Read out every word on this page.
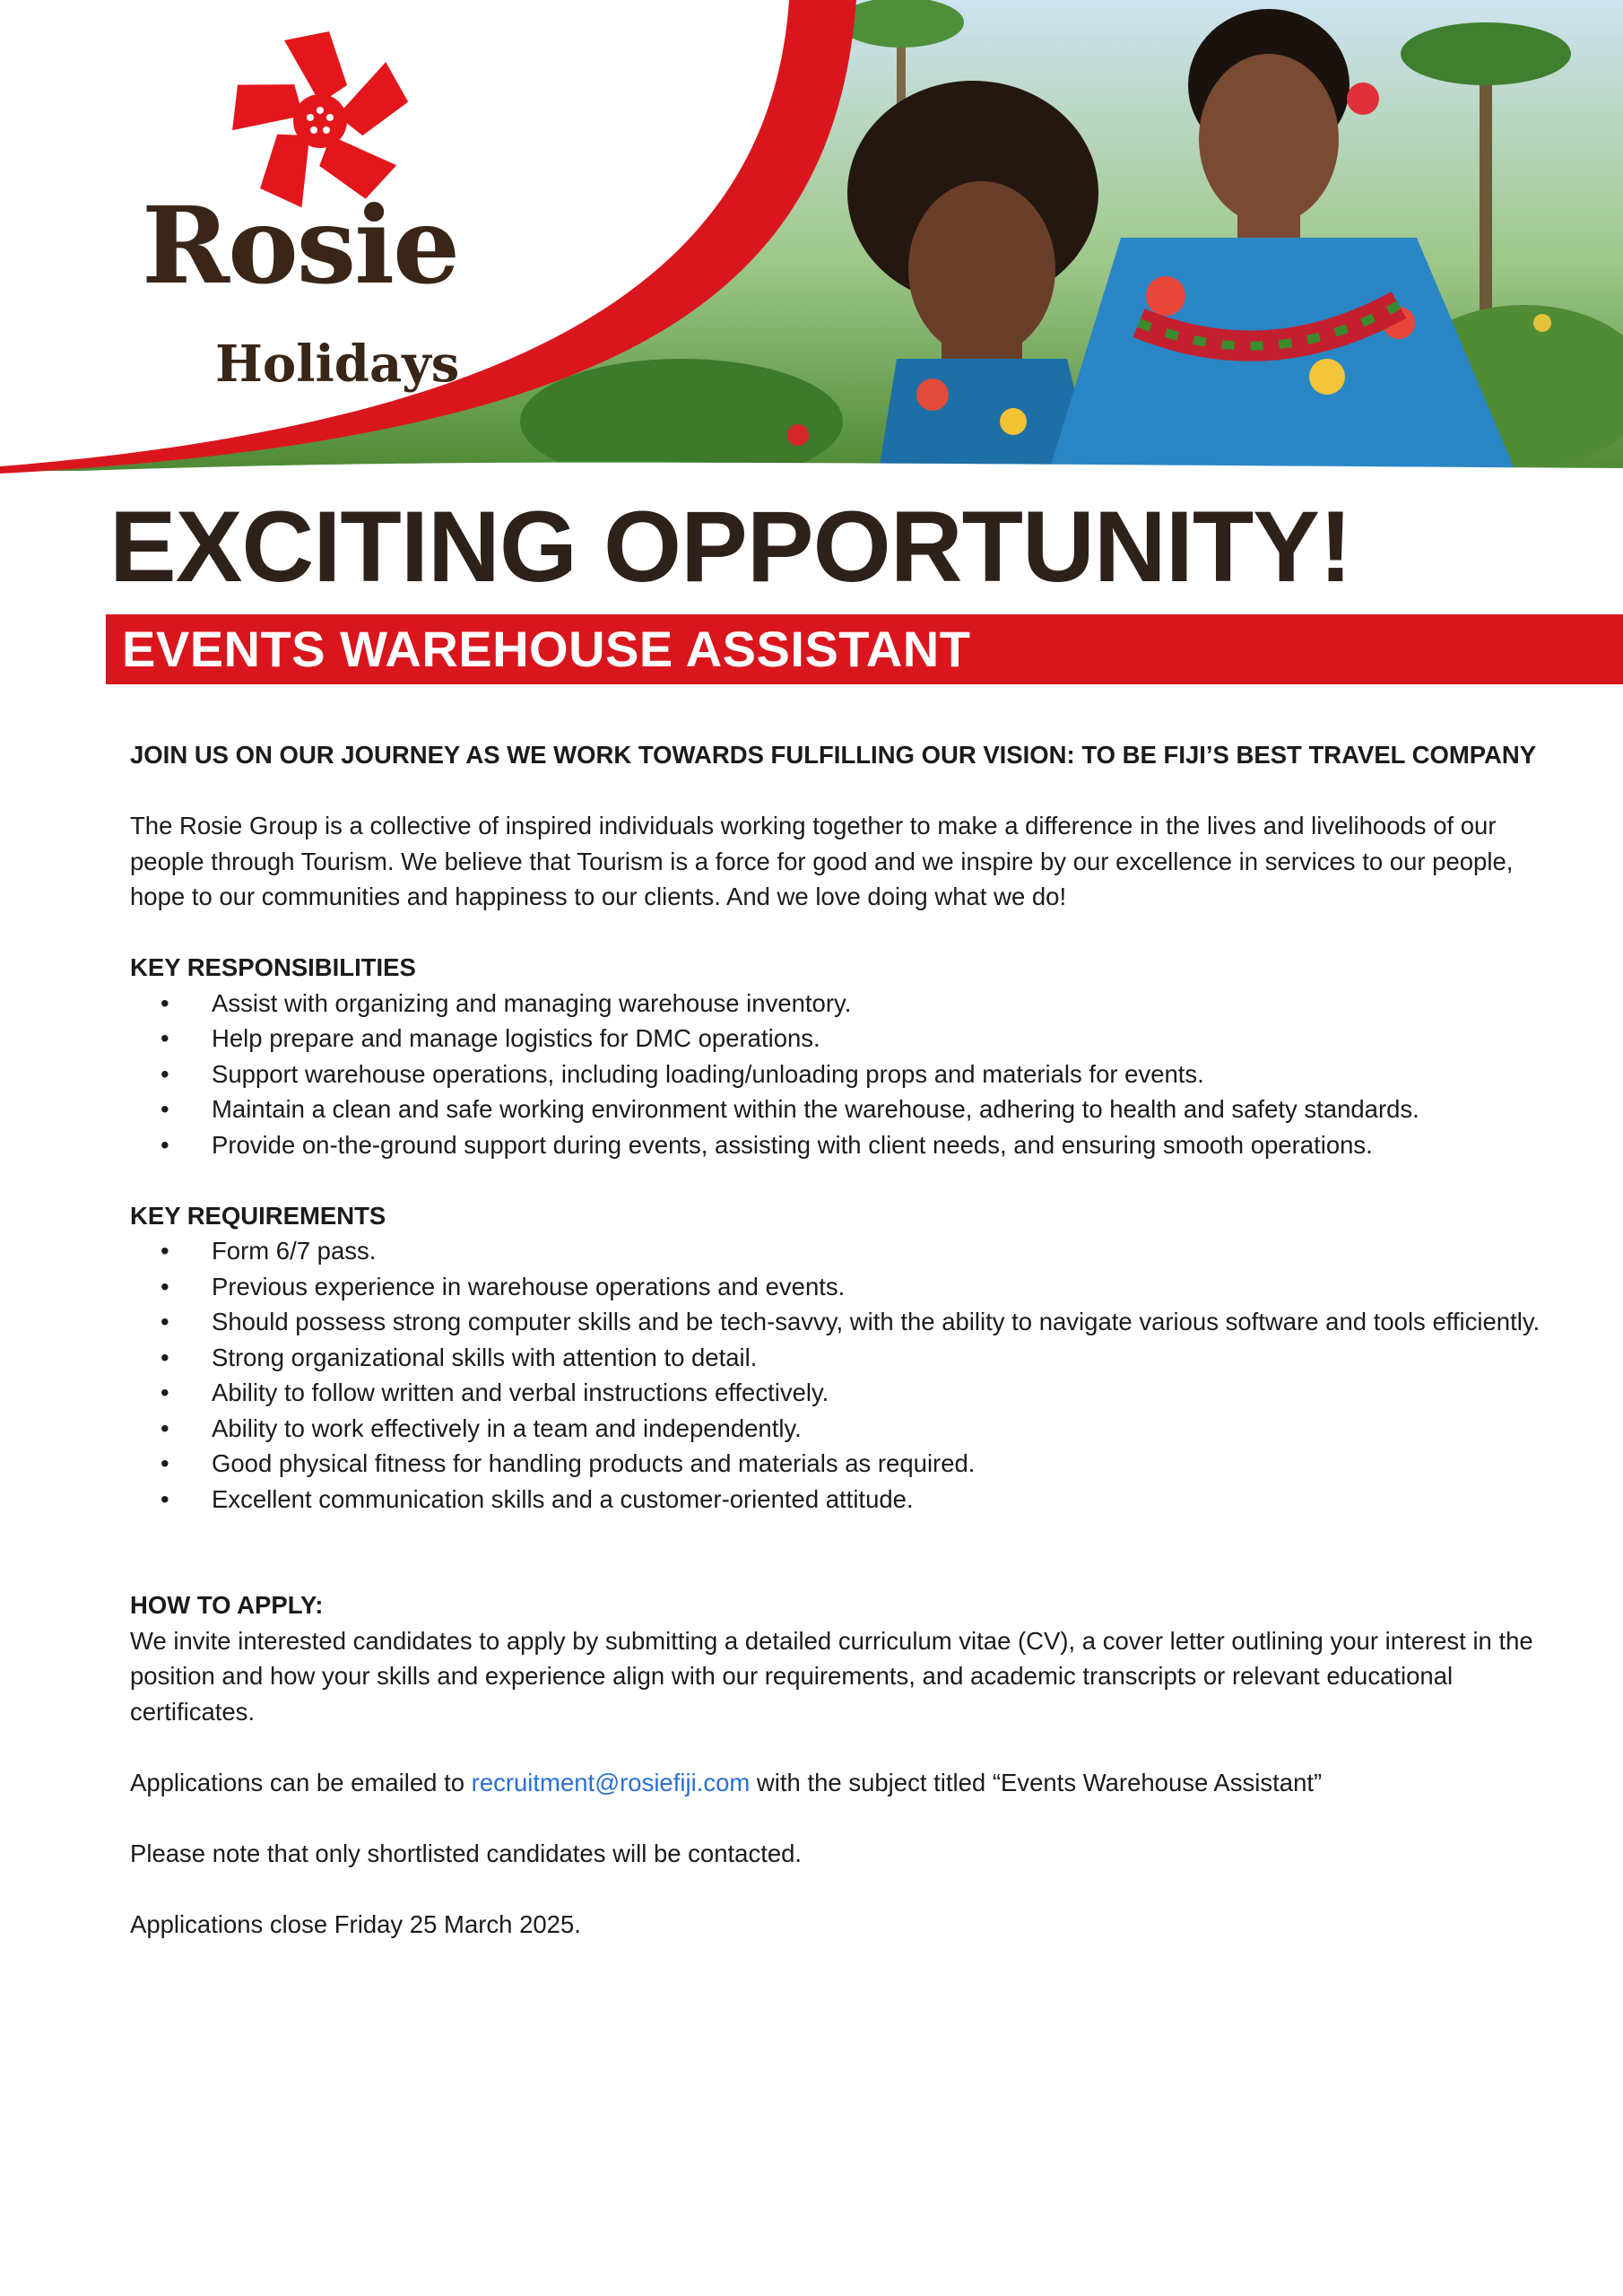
Rosie
Holidays
EXCITING OPPORTUNITY!
EVENTS WAREHOUSE ASSISTANT

JOIN US ON OUR JOURNEY AS WE WORK TOWARDS FULFILLING OUR VISION: TO BE FIJI’S BEST TRAVEL COMPANY

The Rosie Group is a collective of inspired individuals working together to make a difference in the lives and livelihoods of our people through Tourism. We believe that Tourism is a force for good and we inspire by our excellence in services to our people, hope to our communities and happiness to our clients. And we love doing what we do!

KEY RESPONSIBILITIES

• Assist with organizing and managing warehouse inventory.
• Help prepare and manage logistics for DMC operations.
• Support warehouse operations, including loading/unloading props and materials for events.
• Maintain a clean and safe working environment within the warehouse, adhering to health and safety standards.
• Provide on-the-ground support during events, assisting with client needs, and ensuring smooth operations.

KEY REQUIREMENTS

• Form 6/7 pass.
• Previous experience in warehouse operations and events.
• Should possess strong computer skills and be tech-savvy, with the ability to navigate various software and tools efficiently.
• Strong organizational skills with attention to detail.
• Ability to follow written and verbal instructions effectively.
• Ability to work effectively in a team and independently.
• Good physical fitness for handling products and materials as required.
• Excellent communication skills and a customer-oriented attitude.

HOW TO APPLY:

We invite interested candidates to apply by submitting a detailed curriculum vitae (CV), a cover letter outlining your interest in the position and how your skills and experience align with our requirements, and academic transcripts or relevant educational certificates.

Applications can be emailed to recruitment@rosiefiji.com with the subject titled “Events Warehouse Assistant”

Please note that only shortlisted candidates will be contacted.

Applications close Friday 25 March 2025.
